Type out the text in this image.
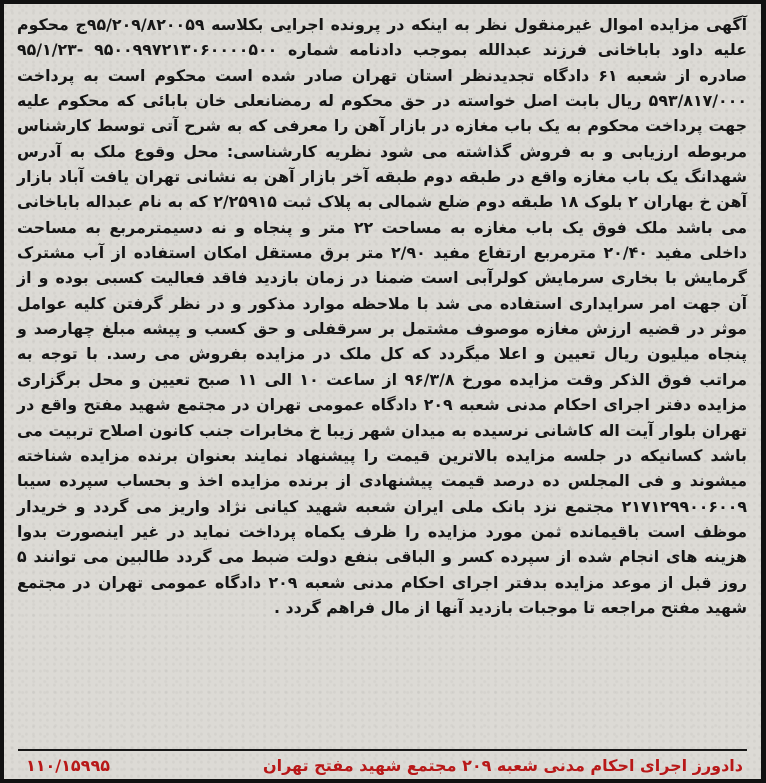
آگهی مزایده اموال غیرمنقول نظر به اینکه در پرونده اجرایی بکلاسه ۹۵/۲۰۹/۸۲۰۰۵۹ج محکوم علیه داود باباخانی فرزند عبدالله بموجب دادنامه شماره ۹۵۰۰۹۹۷۲۱۳۰۶۰۰۰۰۵۰۰ -۹۵/۱/۲۳ صادره از شعبه ۶۱ دادگاه تجدیدنظر استان تهران صادر شده است محکوم است به پرداخت ۵۹۳/۸۱۷/۰۰۰ ریال بابت اصل خواسته در حق محکوم له رمضانعلی خان بابائی که محکوم علیه جهت پرداخت محکوم به یک باب مغازه در بازار آهن را معرفی که به شرح آتی توسط کارشناس مربوطه ارزیابی و به فروش گذاشته می شود نظریه کارشناسی: محل وقوع ملک به آدرس شهدانگ یک باب مغازه واقع در طبقه دوم طبقه آخر بازار آهن به نشانی تهران یافت آباد بازار آهن خ بهاران ۲ بلوک ۱۸ طبقه دوم ضلع شمالی به پلاک ثبت ۲/۲۵۹۱۵ که به نام عبداله باباخانی می باشد ملک فوق یک باب مغازه به مساحت ۲۲ متر و پنجاه و نه دسیمترمربع به مساحت داخلی مفید ۲۰/۴۰ مترمربع ارتفاع مفید ۲/۹۰ متر برق مستقل امکان استفاده از آب مشترک گرمایش با بخاری سرمایش کولرآبی است ضمنا در زمان بازدید فاقد فعالیت کسبی بوده و از آن جهت امر سرایداری استفاده می شد با ملاحظه موارد مذکور و در نظر گرفتن کلیه عوامل موثر در قضیه ارزش مغازه موصوف مشتمل بر سرقفلی و حق کسب و پیشه مبلغ چهارصد و پنجاه میلیون ریال تعیین و اعلا میگردد که کل ملک در مزایده بفروش می رسد. با توجه به مراتب فوق الذکر وقت مزایده مورخ ۹۶/۳/۸ از ساعت ۱۰ الی ۱۱ صبح تعیین و محل برگزاری مزایده دفتر اجرای احکام مدنی شعبه ۲۰۹ دادگاه عمومی تهران در مجتمع شهید مفتح واقع در تهران بلوار آیت اله کاشانی نرسیده به میدان شهر زیبا خ مخابرات جنب کانون اصلاح تربیت می باشد کسانیکه در جلسه مزایده بالاترین قیمت را پیشنهاد نمایند بعنوان برنده مزایده شناخته میشوند و فی المجلس ده درصد قیمت پیشنهادی از برنده مزایده اخذ و بحساب سپرده سیبا ۲۱۷۱۲۹۹۰۰۶۰۰۹ مجتمع نزد بانک ملی ایران شعبه شهید کیانی نژاد واریز می گردد و خریدار موظف است باقیمانده ثمن مورد مزایده را ظرف یکماه پرداخت نماید در غیر اینصورت بدوا هزینه های انجام شده از سپرده کسر و الباقی بنفع دولت ضبط می گردد طالبین می توانند ۵ روز قبل از موعد مزایده بدفتر اجرای احکام مدنی شعبه ۲۰۹ دادگاه عمومی تهران در مجتمع شهید مفتح مراجعه تا موجبات بازدید آنها از مال فراهم گردد .

۱۱۰/۱۵۹۹۵	دادورز اجرای احکام مدنی شعبه ۲۰۹ مجتمع شهید مفتح تهران
